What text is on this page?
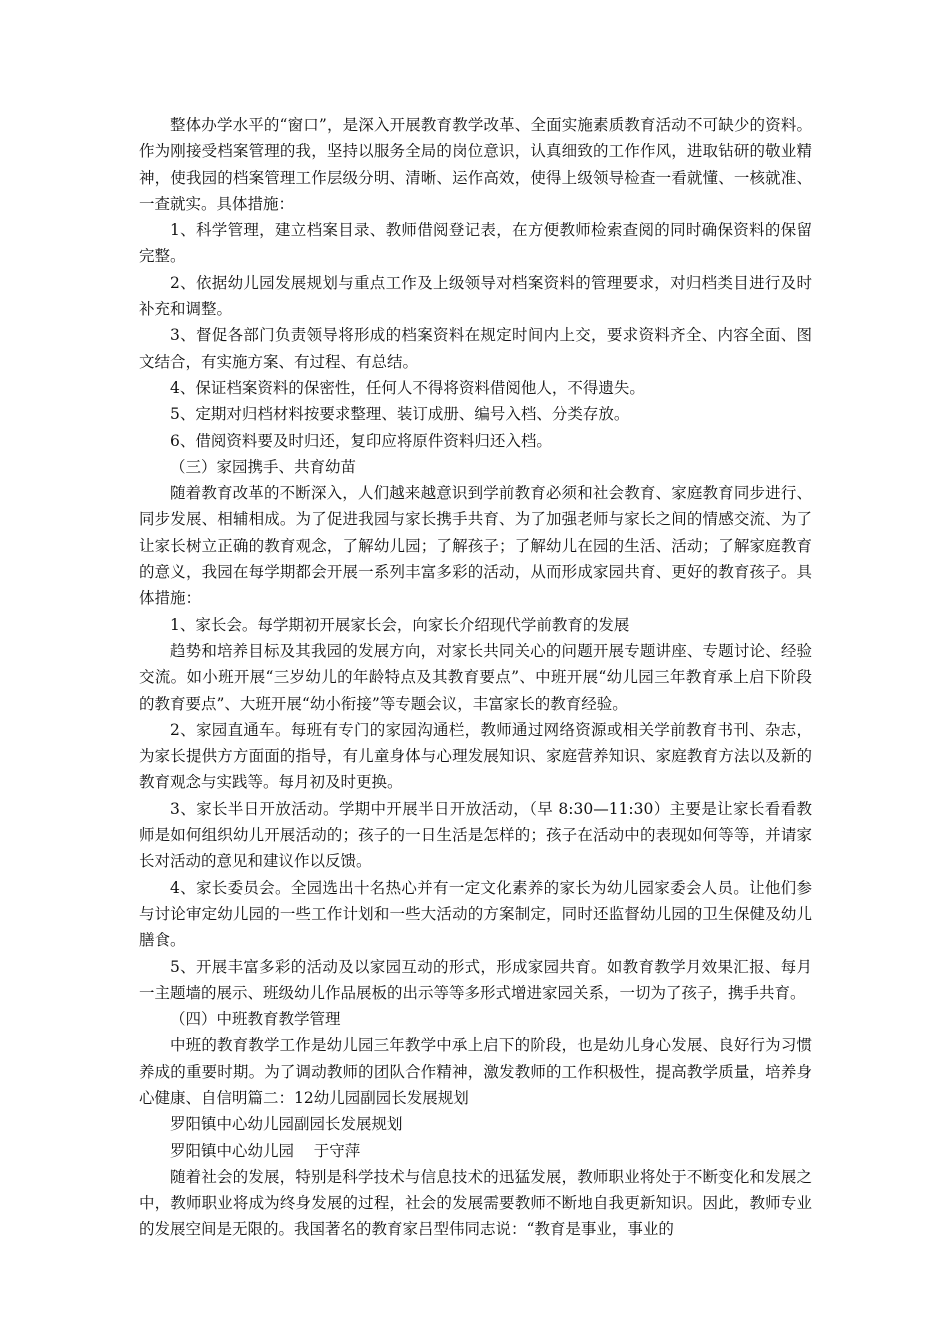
整体办学水平的“窗口”，是深入开展教育教学改革、全面实施素质教育活动不可缺少的资料。作为刚接受档案管理的我，坚持以服务全局的岗位意识，认真细致的工作作风，进取钻研的敬业精神，使我园的档案管理工作层级分明、清晰、运作高效，使得上级领导检查一看就懂、一核就准、一查就实。具体措施：

1、科学管理，建立档案目录、教师借阅登记表，在方便教师检索查阅的同时确保资料的保留完整。

2、依据幼儿园发展规划与重点工作及上级领导对档案资料的管理要求，对归档类目进行及时补充和调整。

3、督促各部门负责领导将形成的档案资料在规定时间内上交，要求资料齐全、内容全面、图文结合，有实施方案、有过程、有总结。

4、保证档案资料的保密性，任何人不得将资料借阅他人，不得遗失。

5、定期对归档材料按要求整理、装订成册、编号入档、分类存放。

6、借阅资料要及时归还，复印应将原件资料归还入档。

（三）家园携手、共育幼苗

随着教育改革的不断深入，人们越来越意识到学前教育必须和社会教育、家庭教育同步进行、同步发展、相辅相成。为了促进我园与家长携手共育、为了加强老师与家长之间的情感交流、为了让家长树立正确的教育观念，了解幼儿园；了解孩子；了解幼儿在园的生活、活动；了解家庭教育的意义，我园在每学期都会开展一系列丰富多彩的活动，从而形成家园共育、更好的教育孩子。具体措施：

1、家长会。每学期初开展家长会，向家长介绍现代学前教育的发展

趋势和培养目标及其我园的发展方向，对家长共同关心的问题开展专题讲座、专题讨论、经验交流。如小班开展“三岁幼儿的年龄特点及其教育要点”、中班开展“幼儿园三年教育承上启下阶段的教育要点”、大班开展“幼小衔接”等专题会议，丰富家长的教育经验。

2、家园直通车。每班有专门的家园沟通栏，教师通过网络资源或相关学前教育书刊、杂志，为家长提供方方面面的指导，有儿童身体与心理发展知识、家庭营养知识、家庭教育方法以及新的教育观念与实践等。每月初及时更换。

3、家长半日开放活动。学期中开展半日开放活动，（早 8:30—11:30）主要是让家长看看教师是如何组织幼儿开展活动的；孩子的一日生活是怎样的；孩子在活动中的表现如何等等，并请家长对活动的意见和建议作以反馈。

4、家长委员会。全园选出十名热心并有一定文化素养的家长为幼儿园家委会人员。让他们参与讨论审定幼儿园的一些工作计划和一些大活动的方案制定，同时还监督幼儿园的卫生保健及幼儿膳食。

5、开展丰富多彩的活动及以家园互动的形式，形成家园共育。如教育教学月效果汇报、每月一主题墙的展示、班级幼儿作品展板的出示等等多形式增进家园关系，一切为了孩子，携手共育。

（四）中班教育教学管理

中班的教育教学工作是幼儿园三年教学中承上启下的阶段，也是幼儿身心发展、良好行为习惯养成的重要时期。为了调动教师的团队合作精神，激发教师的工作积极性，提高教学质量，培养身心健康、自信明篇二：12幼儿园副园长发展规划

罗阳镇中心幼儿园副园长发展规划

罗阳镇中心幼儿园    于守萍

随着社会的发展，特别是科学技术与信息技术的迅猛发展，教师职业将处于不断变化和发展之中，教师职业将成为终身发展的过程，社会的发展需要教师不断地自我更新知识。因此，教师专业的发展空间是无限的。我国著名的教育家吕型伟同志说：“教育是事业，事业的
